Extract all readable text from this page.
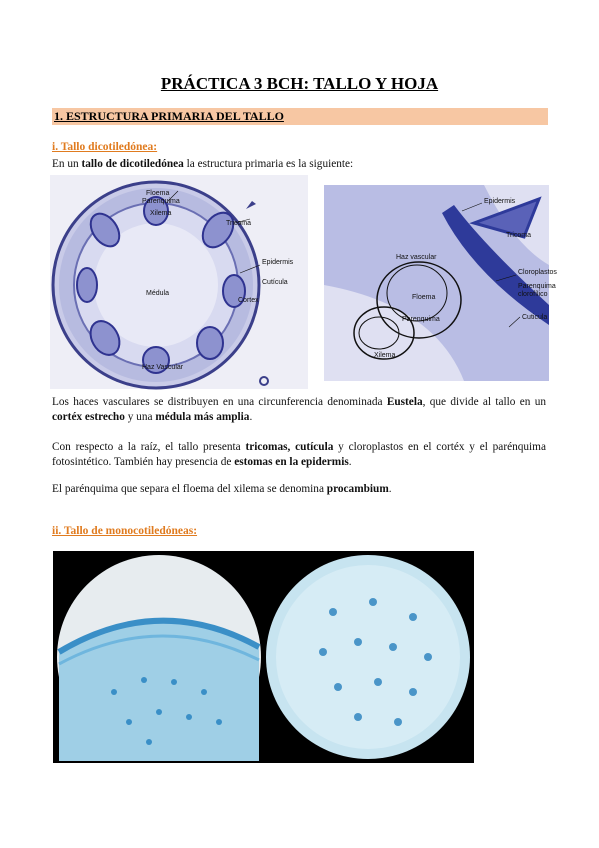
PRÁCTICA 3 BCH: TALLO Y HOJA
1. ESTRUCTURA PRIMARIA DEL TALLO
i. Tallo dicotiledónea:
En un tallo de dicotiledónea la estructura primaria es la siguiente:
Floema
Parenquima
Xilema
Tricoma
Epidermis
Cutícula
Médula
Cortex
Haz Vascular
Epidermis
Tricoma
Cloroplastos
Parenquima
clorofílico
Cuticula
Haz vascular
Floema
Parenquima
Xilema
Los haces vasculares se distribuyen en una circunferencia denominada Eustela, que divide al tallo en un cortéx estrecho y una médula más amplia.
Con respecto a la raíz, el tallo presenta tricomas, cutícula y cloroplastos en el cortéx y el parénquima fotosintético. También hay presencia de estomas en la epidermis.
El parénquima que separa el floema del xilema se denomina procambium.
ii. Tallo de monocotiledóneas:
